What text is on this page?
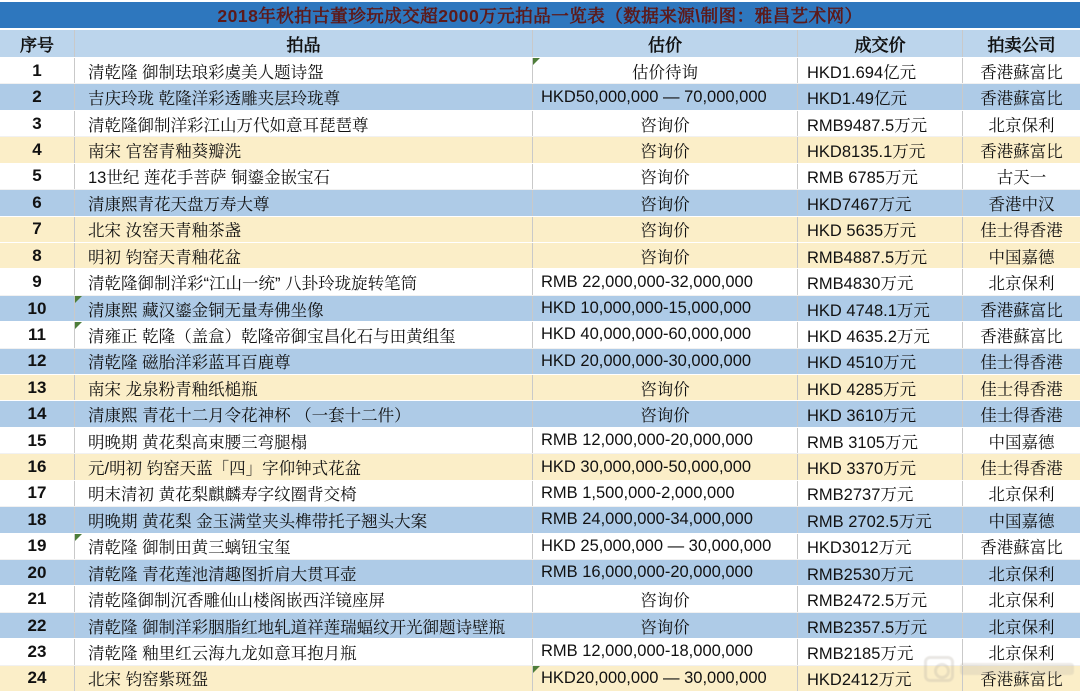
2018年秋拍古董珍玩成交超2000万元拍品一览表（数据来源\制图：雅昌艺术网）
序号	拍品	估价	成交价	拍卖公司
1	清乾隆 御制珐琅彩虞美人题诗盌	估价待询	HKD1.694亿元	香港蘇富比
2	吉庆玲珑 乾隆洋彩透雕夹层玲珑尊	HKD50,000,000 — 70,000,000	HKD1.49亿元	香港蘇富比
3	清乾隆御制洋彩江山万代如意耳琵琶尊	咨询价	RMB9487.5万元	北京保利
4	南宋 官窑青釉葵瓣洗	咨询价	HKD8135.1万元	香港蘇富比
5	13世纪 莲花手菩萨 铜鎏金嵌宝石	咨询价	RMB 6785万元	古天一
6	清康熙青花天盘万寿大尊	咨询价	HKD7467万元	香港中汉
7	北宋 汝窑天青釉茶盏	咨询价	HKD 5635万元	佳士得香港
8	明初 钧窑天青釉花盆	咨询价	RMB4887.5万元	中国嘉德
9	清乾隆御制洋彩“江山一统” 八卦玲珑旋转笔筒	RMB 22,000,000-32,000,000	RMB4830万元	北京保利
10	清康熙 藏汉鎏金铜无量寿佛坐像	HKD 10,000,000-15,000,000	HKD 4748.1万元	香港蘇富比
11	清雍正 乾隆（盖盒）乾隆帝御宝昌化石与田黄组玺	HKD 40,000,000-60,000,000	HKD 4635.2万元	香港蘇富比
12	清乾隆 磁胎洋彩蓝耳百鹿尊	HKD 20,000,000-30,000,000	HKD 4510万元	佳士得香港
13	南宋 龙泉粉青釉纸槌瓶	咨询价	HKD 4285万元	佳士得香港
14	清康熙 青花十二月令花神杯 （一套十二件）	咨询价	HKD 3610万元	佳士得香港
15	明晚期 黄花梨高束腰三弯腿榻	RMB 12,000,000-20,000,000	RMB 3105万元	中国嘉德
16	元/明初 钧窑天蓝「四」字仰钟式花盆	HKD 30,000,000-50,000,000	HKD 3370万元	佳士得香港
17	明末清初 黄花梨麒麟寿字纹圈背交椅	RMB 1,500,000-2,000,000	RMB2737万元	北京保利
18	明晚期 黄花梨 金玉满堂夹头榫带托子翘头大案	RMB 24,000,000-34,000,000	RMB 2702.5万元	中国嘉德
19	清乾隆 御制田黄三螭钮宝玺	HKD 25,000,000 — 30,000,000	HKD3012万元	香港蘇富比
20	清乾隆 青花莲池清趣图折肩大贯耳壶	RMB 16,000,000-20,000,000	RMB2530万元	北京保利
21	清乾隆御制沉香雕仙山楼阁嵌西洋镜座屏	咨询价	RMB2472.5万元	北京保利
22	清乾隆 御制洋彩胭脂红地轧道祥莲瑞蝠纹开光御题诗壁瓶	咨询价	RMB2357.5万元	北京保利
23	清乾隆 釉里红云海九龙如意耳抱月瓶	RMB 12,000,000-18,000,000	RMB2185万元	北京保利
24	北宋 钧窑紫斑盌	HKD20,000,000 — 30,000,000	HKD2412万元	香港蘇富比
